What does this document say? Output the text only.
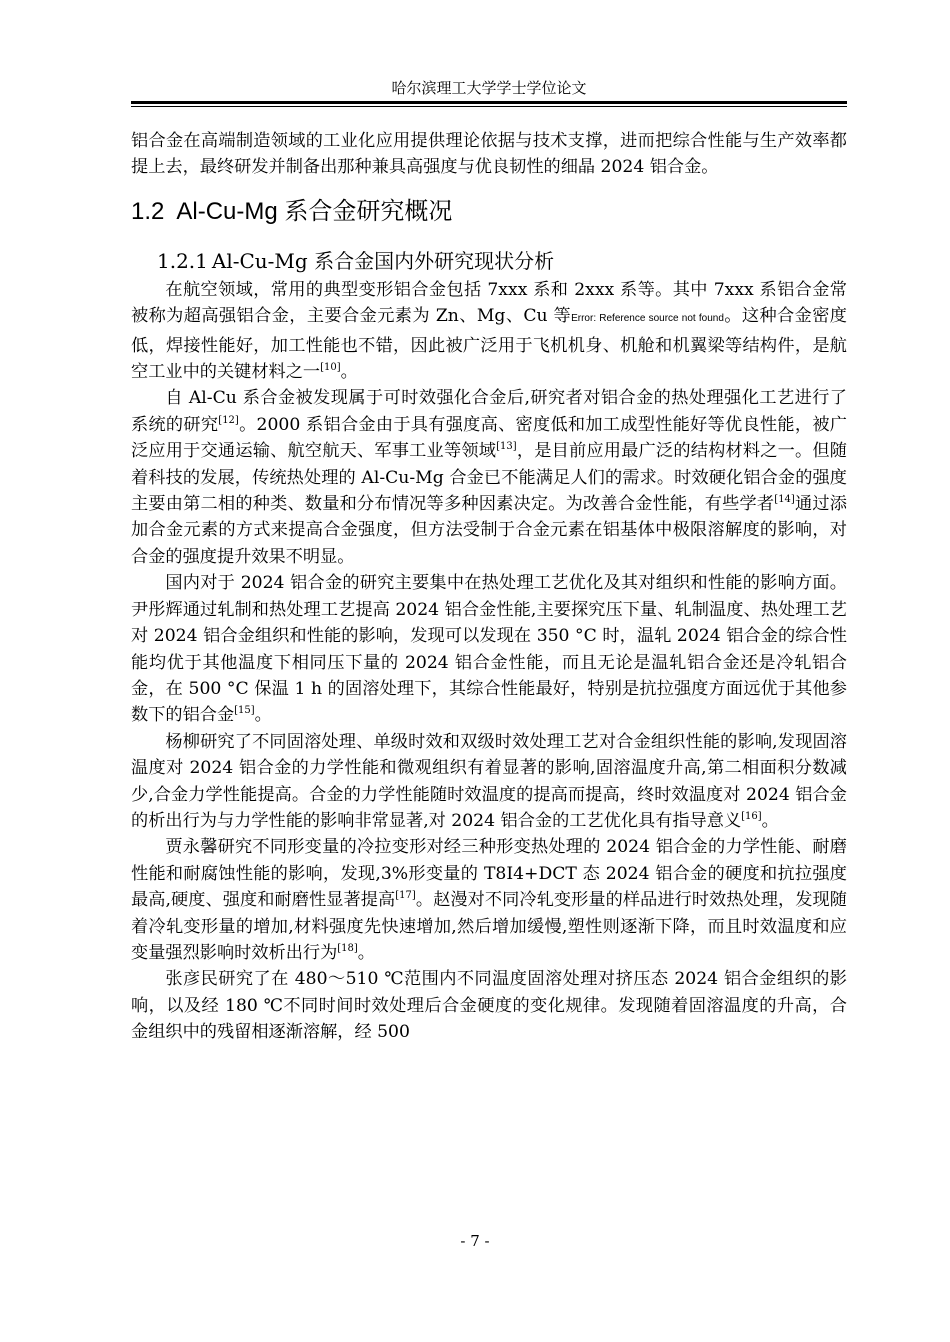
哈尔滨理工大学学士学位论文

铝合金在高端制造领域的工业化应用提供理论依据与技术支撑，进而把综合性能与生产效率都提上去，最终研发并制备出那种兼具高强度与优良韧性的细晶 2024 铝合金。

1.2 Al-Cu-Mg 系合金研究概况
1.2.1 Al-Cu-Mg 系合金国内外研究现状分析

在航空领域，常用的典型变形铝合金包括 7xxx 系和 2xxx 系等。其中 7xxx 系铝合金常被称为超高强铝合金，主要合金元素为 Zn、Mg、Cu 等Error: Reference source not found。这种合金密度低，焊接性能好，加工性能也不错，因此被广泛用于飞机机身、机舱和机翼梁等结构件，是航空工业中的关键材料之一[10]。

自 Al-Cu 系合金被发现属于可时效强化合金后,研究者对铝合金的热处理强化工艺进行了系统的研究[12]。2000 系铝合金由于具有强度高、密度低和加工成型性能好等优良性能，被广泛应用于交通运输、航空航天、军事工业等领域[13]，是目前应用最广泛的结构材料之一。但随着科技的发展，传统热处理的 Al-Cu-Mg 合金已不能满足人们的需求。时效硬化铝合金的强度主要由第二相的种类、数量和分布情况等多种因素决定。为改善合金性能，有些学者[14]通过添加合金元素的方式来提高合金强度，但方法受制于合金元素在铝基体中极限溶解度的影响，对合金的强度提升效果不明显。

国内对于 2024 铝合金的研究主要集中在热处理工艺优化及其对组织和性能的影响方面。尹彤辉通过轧制和热处理工艺提高 2024 铝合金性能,主要探究压下量、轧制温度、热处理工艺对 2024 铝合金组织和性能的影响，发现可以发现在 350 °C 时，温轧 2024 铝合金的综合性能均优于其他温度下相同压下量的 2024 铝合金性能，而且无论是温轧铝合金还是冷轧铝合金，在 500 °C 保温 1 h 的固溶处理下，其综合性能最好，特别是抗拉强度方面远优于其他参数下的铝合金[15]。

杨柳研究了不同固溶处理、单级时效和双级时效处理工艺对合金组织性能的影响,发现固溶温度对 2024 铝合金的力学性能和微观组织有着显著的影响,固溶温度升高,第二相面积分数减少,合金力学性能提高。合金的力学性能随时效温度的提高而提高，终时效温度对 2024 铝合金的析出行为与力学性能的影响非常显著,对 2024 铝合金的工艺优化具有指导意义[16]。

贾永馨研究不同形变量的冷拉变形对经三种形变热处理的 2024 铝合金的力学性能、耐磨性能和耐腐蚀性能的影响，发现,3%形变量的 T8I4+DCT 态 2024 铝合金的硬度和抗拉强度最高,硬度、强度和耐磨性显著提高[17]。赵漫对不同冷轧变形量的样品进行时效热处理，发现随着冷轧变形量的增加,材料强度先快速增加,然后增加缓慢,塑性则逐渐下降，而且时效温度和应变量强烈影响时效析出行为[18]。

张彦民研究了在 480～510 ℃范围内不同温度固溶处理对挤压态 2024 铝合金组织的影响，以及经 180 ℃不同时间时效处理后合金硬度的变化规律。发现随着固溶温度的升高，合金组织中的残留相逐渐溶解，经 500

- 7 -
